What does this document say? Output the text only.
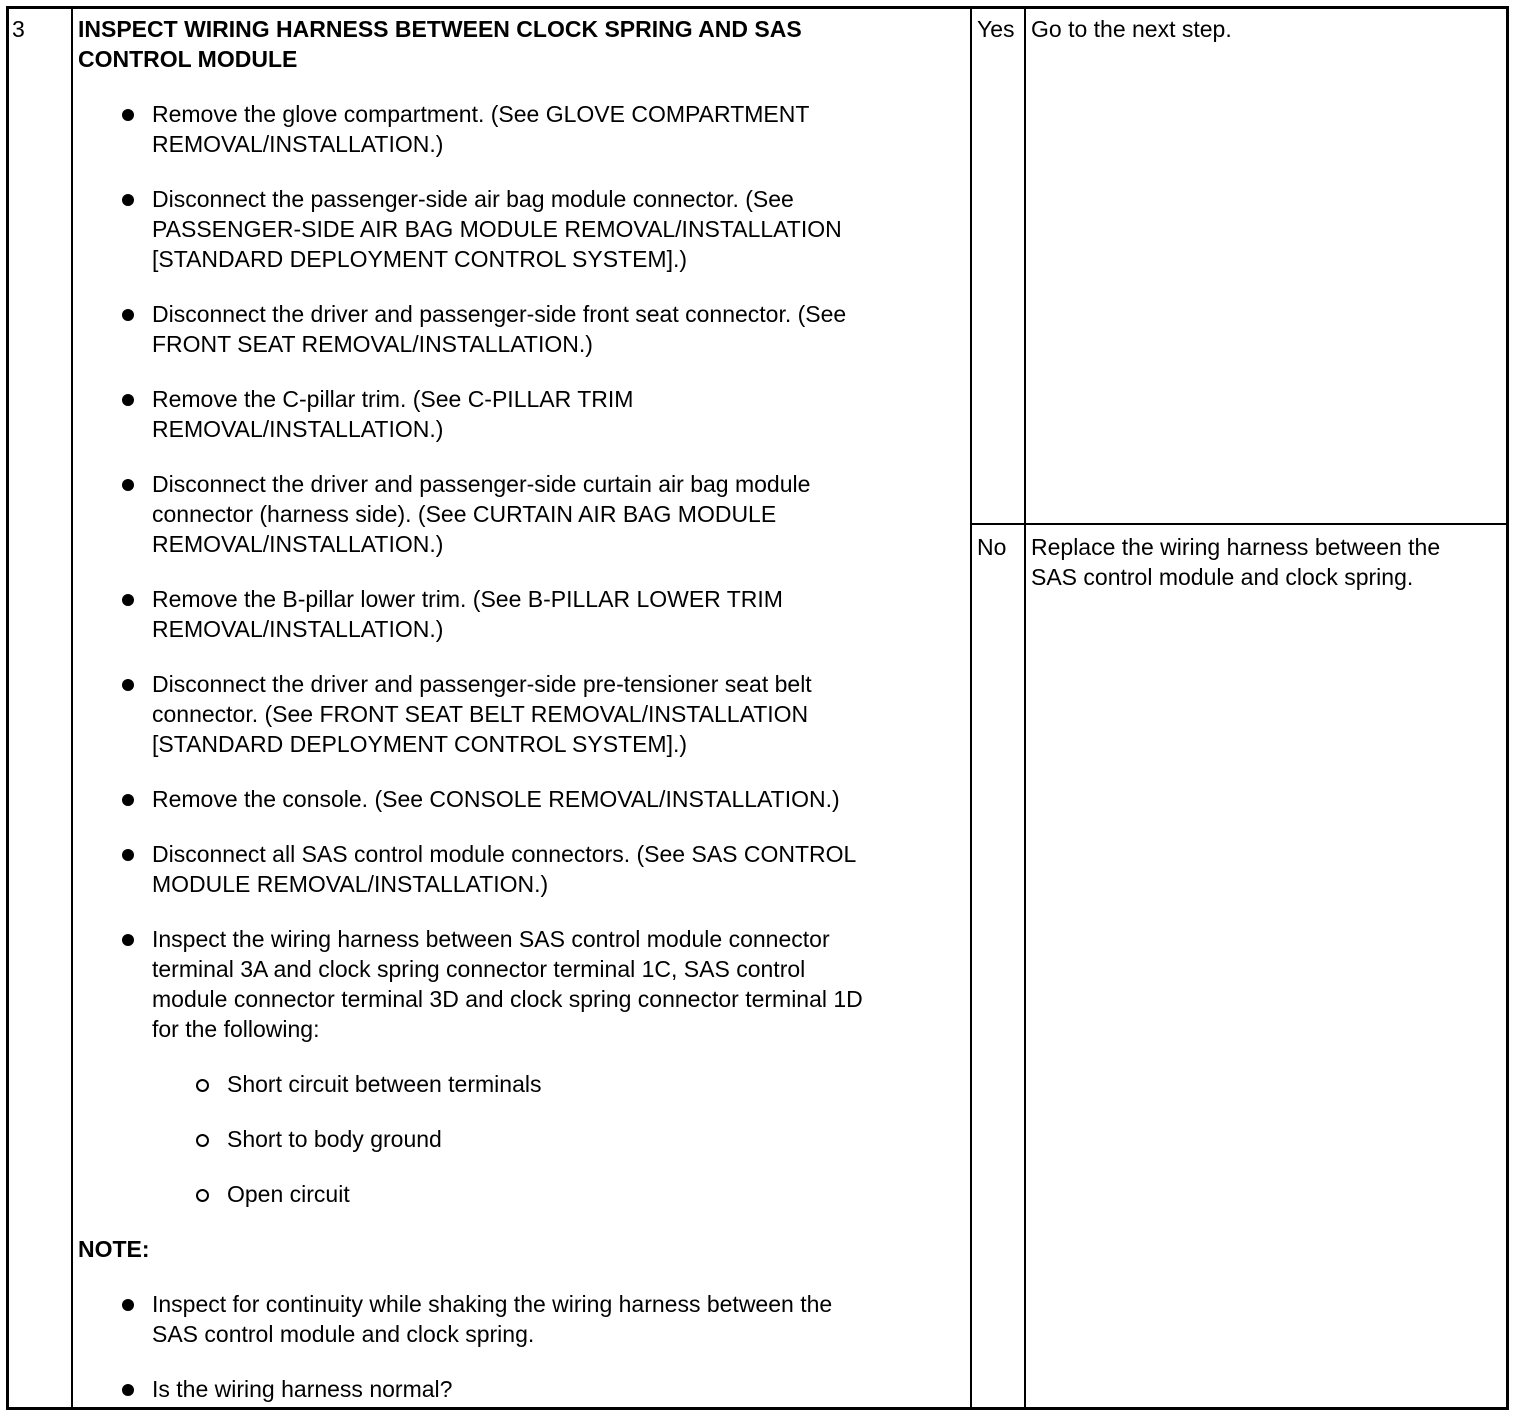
3 INSPECT WIRING HARNESS BETWEEN CLOCK SPRING AND SAS
CONTROL MODULE
Remove the glove compartment. (See GLOVE COMPARTMENT
REMOVAL/INSTALLATION.)
Disconnect the passenger-side air bag module connector. (See
PASSENGER-SIDE AIR BAG MODULE REMOVAL/INSTALLATION
[STANDARD DEPLOYMENT CONTROL SYSTEM].)
Disconnect the driver and passenger-side front seat connector. (See
FRONT SEAT REMOVAL/INSTALLATION.)
Remove the C-pillar trim. (See C-PILLAR TRIM
REMOVAL/INSTALLATION.)
Disconnect the driver and passenger-side curtain air bag module
connector (harness side). (See CURTAIN AIR BAG MODULE
REMOVAL/INSTALLATION.)
Remove the B-pillar lower trim. (See B-PILLAR LOWER TRIM
REMOVAL/INSTALLATION.)
Disconnect the driver and passenger-side pre-tensioner seat belt
connector. (See FRONT SEAT BELT REMOVAL/INSTALLATION
[STANDARD DEPLOYMENT CONTROL SYSTEM].)
Remove the console. (See CONSOLE REMOVAL/INSTALLATION.)
Disconnect all SAS control module connectors. (See SAS CONTROL
MODULE REMOVAL/INSTALLATION.)
Inspect the wiring harness between SAS control module connector
terminal 3A and clock spring connector terminal 1C, SAS control
module connector terminal 3D and clock spring connector terminal 1D
for the following:
Short circuit between terminals
Short to body ground
Open circuit
NOTE:
Inspect for continuity while shaking the wiring harness between the
SAS control module and clock spring.
Is the wiring harness normal?
Yes Go to the next step.
No Replace the wiring harness between the
SAS control module and clock spring.
